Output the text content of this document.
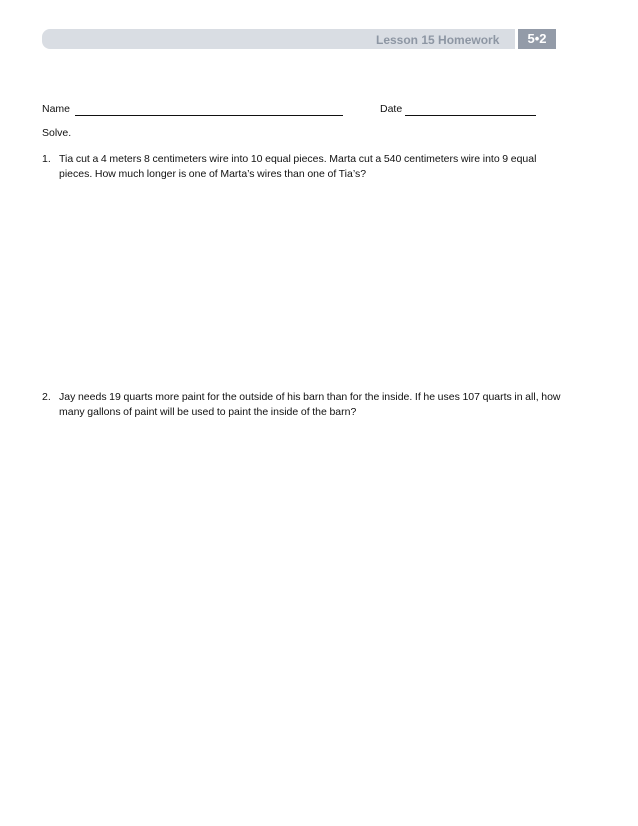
Lesson 15 Homework	5•2
Name	Date
Solve.
1. Tia cut a 4 meters 8 centimeters wire into 10 equal pieces. Marta cut a 540 centimeters wire into 9 equal pieces. How much longer is one of Marta’s wires than one of Tia’s?
2. Jay needs 19 quarts more paint for the outside of his barn than for the inside. If he uses 107 quarts in all, how many gallons of paint will be used to paint the inside of the barn?
